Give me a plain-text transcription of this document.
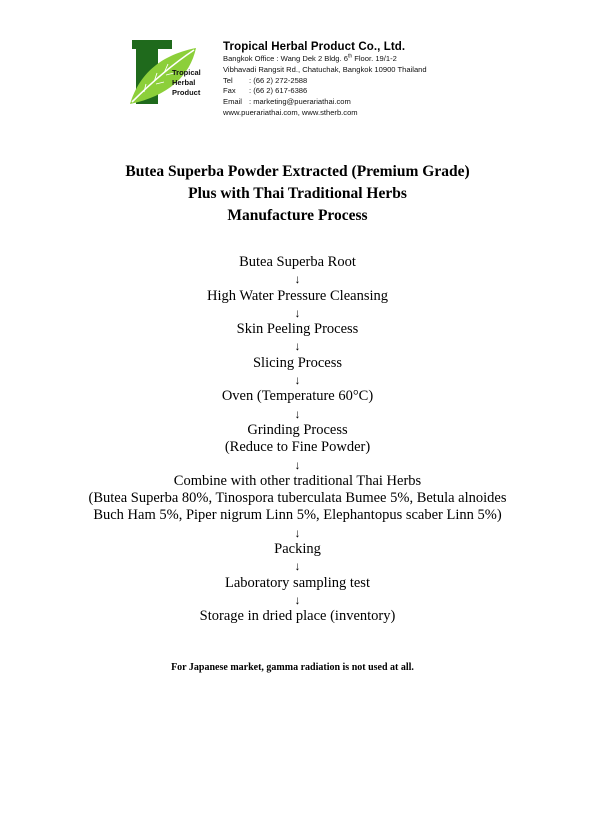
Tropical
Herbal
Product
Tropical Herbal Product Co., Ltd.
Bangkok Office : Wang Dek 2 Bldg. 6th Floor. 19/1-2
Vibhavadi Rangsit Rd., Chatuchak, Bangkok 10900 Thailand
Tel	: (66 2) 272-2588
Fax	: (66 2) 617-6386
Email : marketing@puerariathai.com
www.puerariathai.com, www.stherb.com
Butea Superba Powder Extracted (Premium Grade)
Plus with Thai Traditional Herbs
Manufacture Process
Butea Superba Root
↓
High Water Pressure Cleansing
↓
Skin Peeling Process
↓
Slicing Process
↓
Oven (Temperature 60°C)
↓
Grinding Process
(Reduce to Fine Powder)
↓
Combine with other traditional Thai Herbs
(Butea Superba 80%, Tinospora tuberculata Bumee 5%, Betula alnoides Buch Ham 5%, Piper nigrum Linn 5%, Elephantopus scaber Linn 5%)
↓
Packing
↓
Laboratory sampling test
↓
Storage in dried place (inventory)
For Japanese market, gamma radiation is not used at all.
